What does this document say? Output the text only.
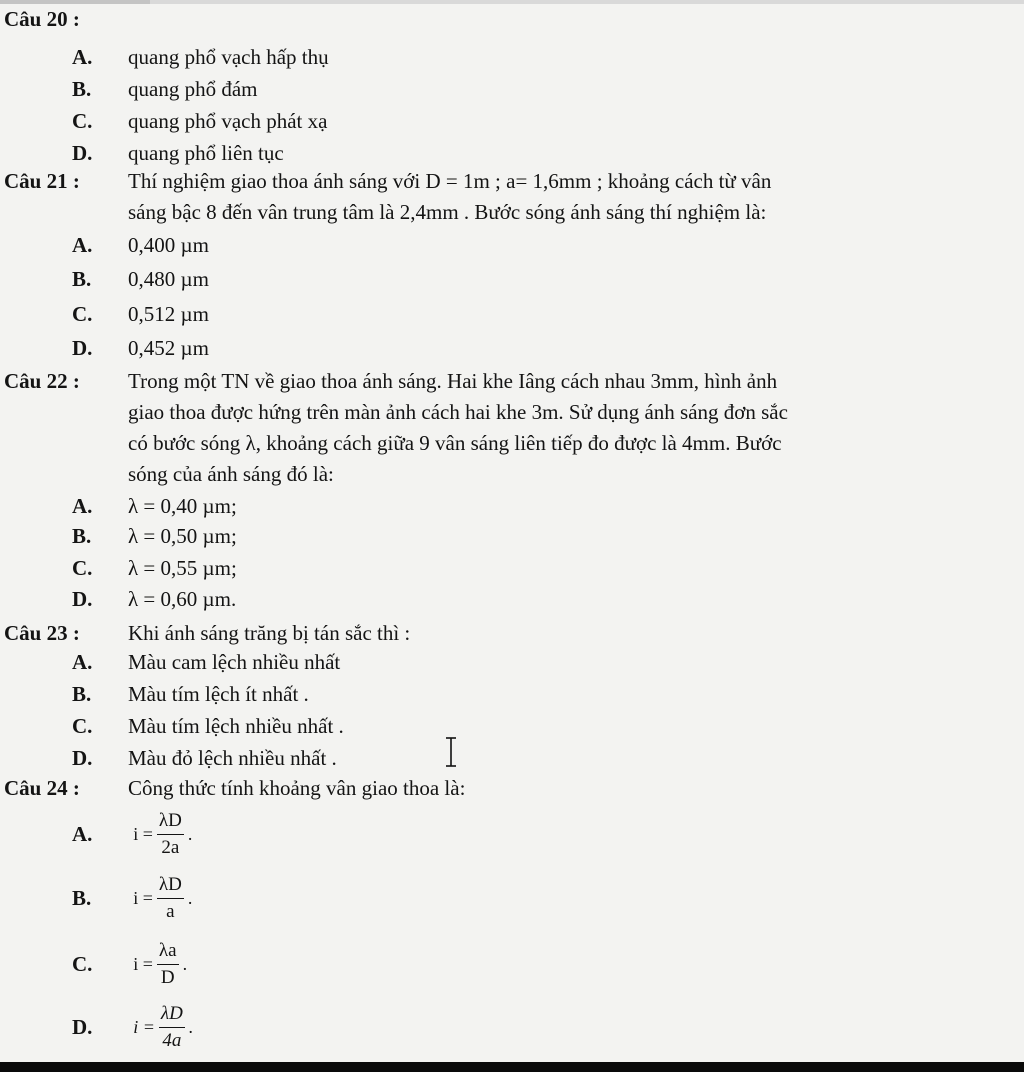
Câu 20 :
A. quang phổ vạch hấp thụ
B. quang phổ đám
C. quang phổ vạch phát xạ
D. quang phổ liên tục
Câu 21 : Thí nghiệm giao thoa ánh sáng với D = 1m ; a= 1,6mm ; khoảng cách từ vân
sáng bậc 8 đến vân trung tâm là 2,4mm . Bước sóng ánh sáng thí nghiệm là:
A. 0,400 µm
B. 0,480 µm
C. 0,512 µm
D. 0,452 µm
Câu 22 : Trong một TN về giao thoa ánh sáng. Hai khe Iâng cách nhau 3mm, hình ảnh
giao thoa được hứng trên màn ảnh cách hai khe 3m. Sử dụng ánh sáng đơn sắc
có bước sóng λ, khoảng cách giữa 9 vân sáng liên tiếp đo được là 4mm. Bước
sóng của ánh sáng đó là:
A. λ = 0,40 µm;
B. λ = 0,50 µm;
C. λ = 0,55 µm;
D. λ = 0,60 µm.
Câu 23 : Khi ánh sáng trăng bị tán sắc thì :
A. Màu cam lệch nhiều nhất
B. Màu tím lệch ít nhất .
C. Màu tím lệch nhiều nhất .
D. Màu đỏ lệch nhiều nhất .
Câu 24 : Công thức tính khoảng vân giao thoa là:
A. $i = \frac{\lambda D}{2a}$ .
B. $i = \frac{\lambda D}{a}$ .
C. $i = \frac{\lambda a}{D}$ .
D. $i = \frac{\lambda D}{4a}$ .
